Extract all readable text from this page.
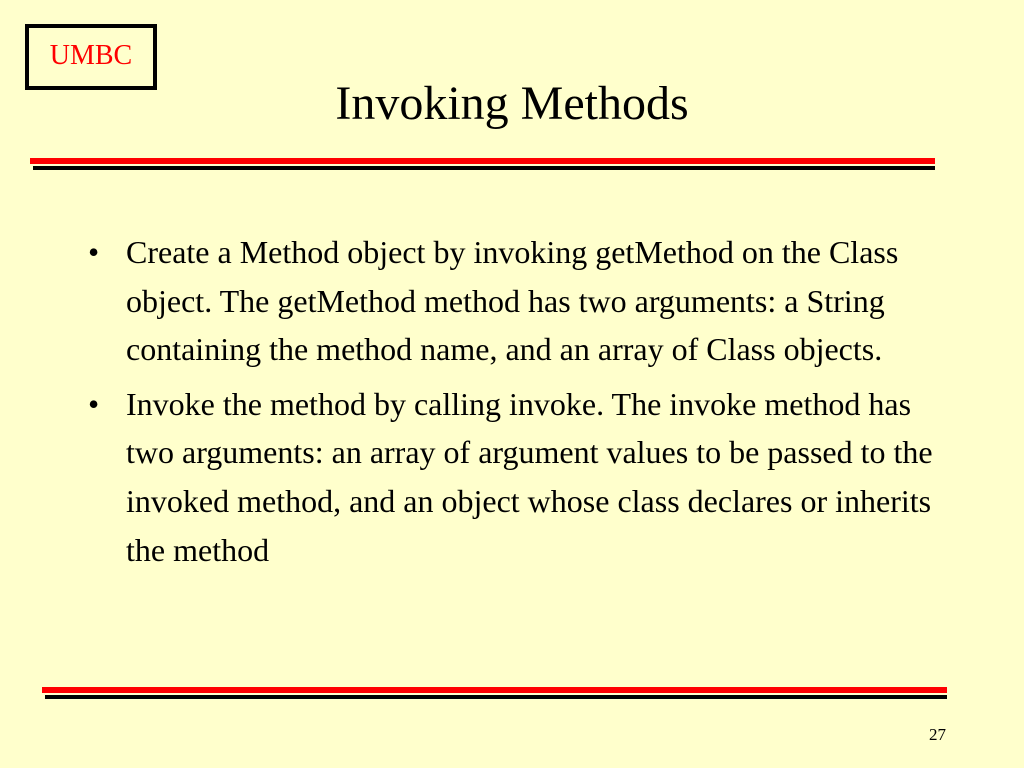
UMBC
Invoking Methods
• Create a Method object by invoking getMethod on the Class object. The getMethod method has two arguments: a String containing the method name, and an array of Class objects.
• Invoke the method by calling invoke. The invoke method has two arguments: an array of argument values to be passed to the invoked method, and an object whose class declares or inherits the method
27
